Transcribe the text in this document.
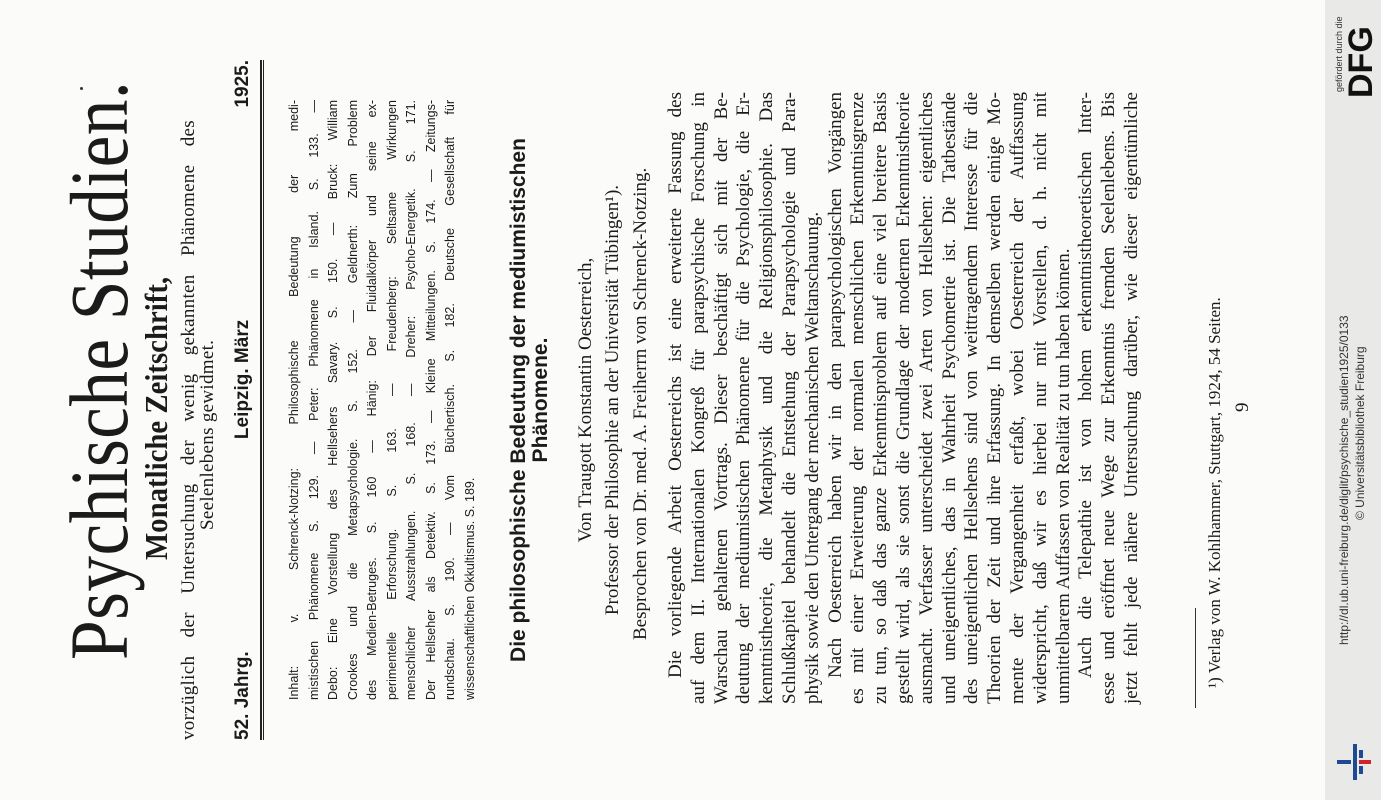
Psychische Studien.
Monatliche Zeitschrift, vorzüglich der Untersuchung der wenig gekannten Phänomene des
Seelenlebens gewidmet.
52. Jahrg.
Leipzig. März
1925.
Inhalt: v. Schrenck-Notzing: Philosophische Bedeutung der medi- mistischen Phänomene S. 129. — Peter: Phänomene in Island. S. 133. — Debo: Eine Vorstellung des Hellsehers Savary. S. 150. — Bruck: William Crookes und die Metapsychologie. S. 152. — Geldnerth: Zum Problem des Medien-Betruges. S. 160 — Hänig: Der Fluidalkörper und seine ex- perimentelle Erforschung. S. 163. — Freudenberg: Seltsame Wirkungen menschlicher Ausstrahlungen. S. 168. — Dreher: Psycho-Energetik. S. 171. Der Hellseher als Detektiv. S. 173. — Kleine Mitteilungen. S. 174. — Zeitungs- rundschau. S. 190. — Vom Büchertisch. S. 182. Deutsche Gesellschaft für wissenschaftlichen Okkultismus. S. 189. Die philosophische Bedeutung der mediumistischen Phänomene. Von Traugott Konstantin Oesterreich, Professor der Philosophie an der Universität Tübingen¹). Besprochen von Dr. med. A. Freiherrn von Schrenck-Notzing. Die vorliegende Arbeit Oesterreichs ist eine erweiterte Fassung des auf dem II. Internationalen Kongreß für parapsychische Forschung in Warschau gehaltenen Vortrags. Dieser beschäftigt sich mit der Be- deutung der mediumistischen Phänomene für die Psychologie, die Er- kenntnistheorie, die Metaphysik und die Religionsphilosophie. Das Schlußkapitel behandelt die Entstehung der Parapsychologie und Para- physik sowie den Untergang der mechanischen Weltanschauung. Nach Oesterreich haben wir in den parapsychologischen Vorgängen es mit einer Erweiterung der normalen menschlichen Erkenntnisgrenze zu tun, so daß das ganze Erkenntnisproblem auf eine viel breitere Basis gestellt wird, als sie sonst die Grundlage der modernen Erkenntnistheorie ausmacht. Verfasser unterscheidet zwei Arten von Hellsehen: eigentliches und uneigentliches, das in Wahrheit Psychometrie ist. Die Tatbestände des uneigentlichen Hellsehens sind von weittragendem Interesse für die Theorien der Zeit und ihre Erfassung. In demselben werden einige Mo- mente der Vergangenheit erfaßt, wobei Oesterreich der Auffassung widerspricht, daß wir es hierbei nur mit Vorstellen, d. h. nicht mit unmittelbarem Auffassen von Realität zu tun haben können. Auch die Telepathie ist von hohem erkenntnistheoretischen Inter- esse und eröffnet neue Wege zur Erkenntnis fremden Seelenlebens. Bis jetzt fehlt jede nähere Untersuchung darüber, wie dieser eigentümliche	¹) Verlag von W. Kohlhammer, Stuttgart, 1924, 54 Seiten. 9
gefördert durch die
DFG
http://dl.ub.uni-freiburg.de/diglit/psychische_studien1925/0133 © Universitätsbibliothek Freiburg
